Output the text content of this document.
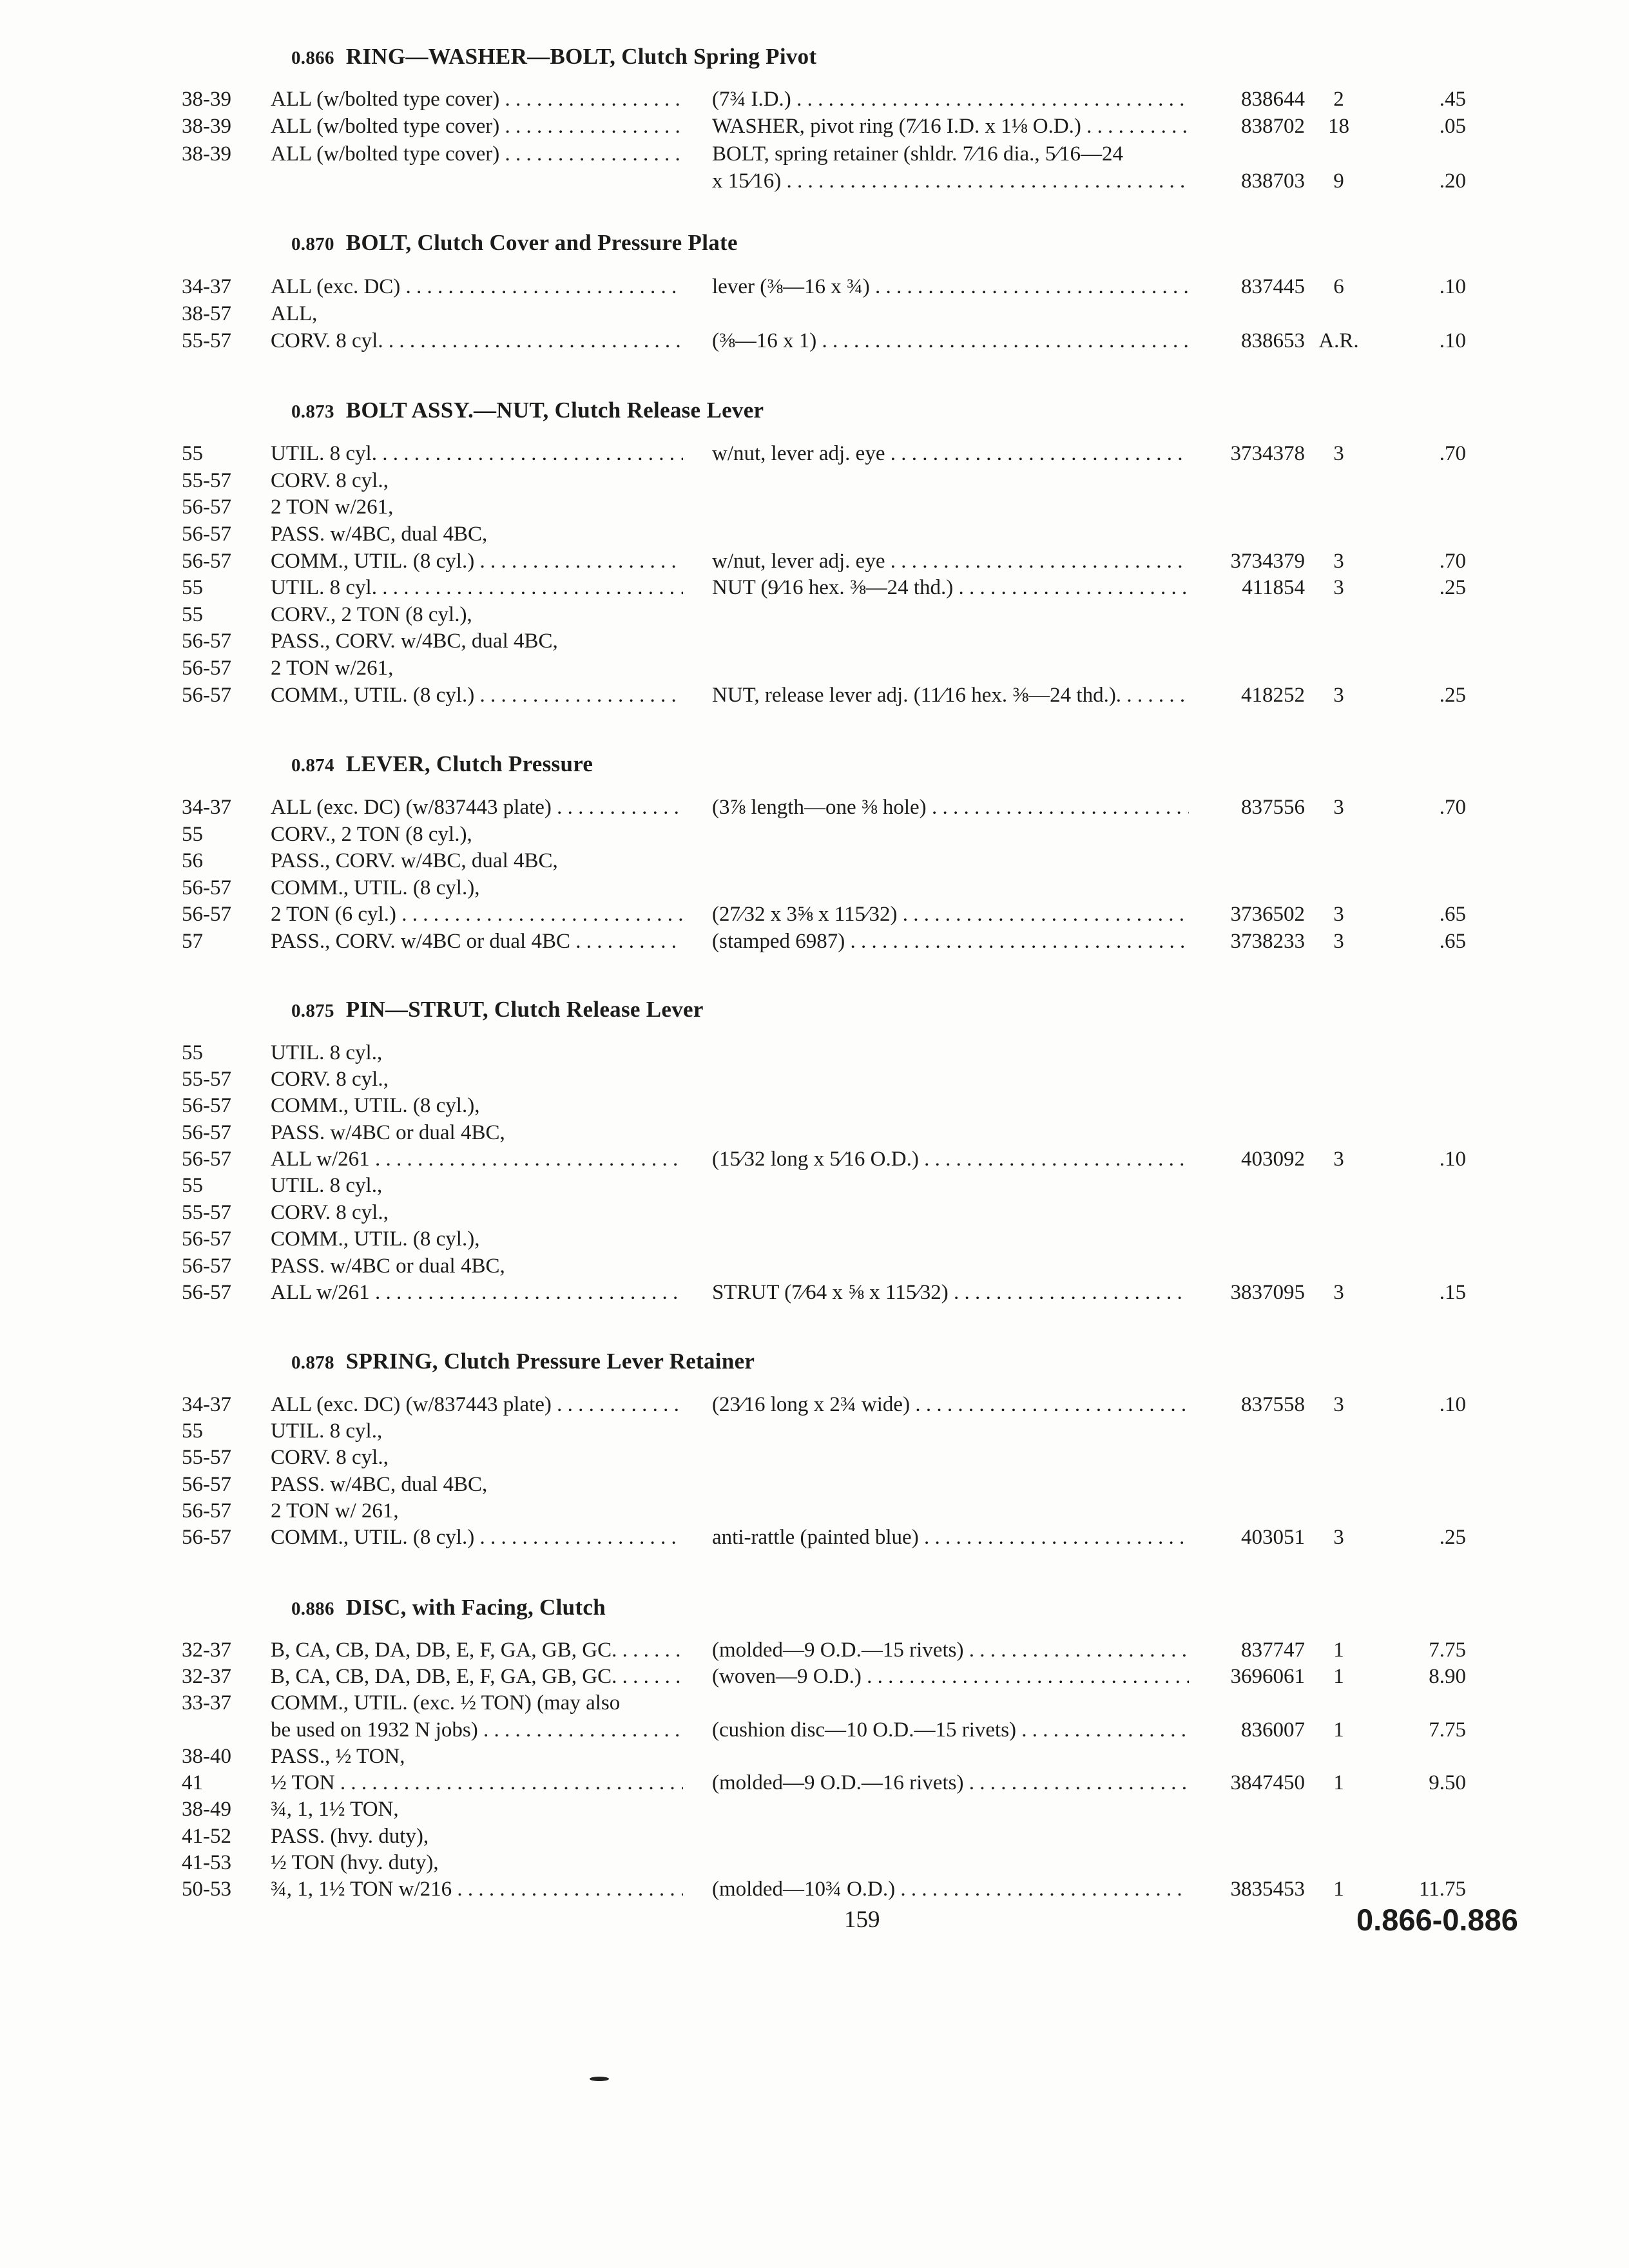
0.866 RING—WASHER—BOLT, Clutch Spring Pivot
38-39	ALL (w/bolted type cover) . . .	(7¾ I.D.) . . .	838644	2	.45
38-39	ALL (w/bolted type cover) . . .	WASHER, pivot ring (7⁄16 I.D. x 1⅛ O.D.) . . .	838702	18	.05
38-39	ALL (w/bolted type cover) . . .	BOLT, spring retainer (shldr. 7⁄16 dia., 5⁄16—24
x 15⁄16) . . .	838703	9	.20
0.870 BOLT, Clutch Cover and Pressure Plate
34-37	ALL (exc. DC) . . .	lever (⅜—16 x ¾) . . .	837445	6	.10
38-57	ALL,
55-57	CORV. 8 cyl. . . .	(⅜—16 x 1) . . .	838653 A.R.	.10
0.873 BOLT ASSY.—NUT, Clutch Release Lever
55	UTIL. 8 cyl. . . .	w/nut, lever adj. eye . . .	3734378	3	.70
55-57	CORV. 8 cyl.,
56-57	2 TON w/261,
56-57	PASS. w/4BC, dual 4BC,
56-57	COMM., UTIL. (8 cyl.) . . .	w/nut, lever adj. eye . . .	3734379	3	.70
55	UTIL. 8 cyl. . . .	NUT (9⁄16 hex. ⅜—24 thd.) . . .	411854	3	.25
55	CORV., 2 TON (8 cyl.),
56-57	PASS., CORV. w/4BC, dual 4BC,
56-57	2 TON w/261,
56-57	COMM., UTIL. (8 cyl.) . . .	NUT, release lever adj. (11⁄16 hex. ⅜—24 thd.). . . .	418252	3	.25
0.874 LEVER, Clutch Pressure
34-37	ALL (exc. DC) (w/837443 plate) . . .	(3⅞ length—one ⅜ hole) . . .	837556	3	.70
55	CORV., 2 TON (8 cyl.),
56	PASS., CORV. w/4BC, dual 4BC,
56-57	COMM., UTIL. (8 cyl.),
56-57	2 TON (6 cyl.) . . .	(27⁄32 x 3⅝ x 115⁄32) . . .	3736502	3	.65
57	PASS., CORV. w/4BC or dual 4BC . . .	(stamped 6987) . . .	3738233	3	.65
0.875 PIN—STRUT, Clutch Release Lever
55	UTIL. 8 cyl.,
55-57	CORV. 8 cyl.,
56-57	COMM., UTIL. (8 cyl.),
56-57	PASS. w/4BC or dual 4BC,
56-57	ALL w/261 . . .	(15⁄32 long x 5⁄16 O.D.) . . .	403092	3	.10
55	UTIL. 8 cyl.,
55-57	CORV. 8 cyl.,
56-57	COMM., UTIL. (8 cyl.),
56-57	PASS. w/4BC or dual 4BC,
56-57	ALL w/261 . . .	STRUT (7⁄64 x ⅝ x 115⁄32) . . .	3837095	3	.15
0.878 SPRING, Clutch Pressure Lever Retainer
34-37	ALL (exc. DC) (w/837443 plate) . . .	(23⁄16 long x 2¾ wide) . . .	837558	3	.10
55	UTIL. 8 cyl.,
55-57	CORV. 8 cyl.,
56-57	PASS. w/4BC, dual 4BC,
56-57	2 TON w/ 261,
56-57	COMM., UTIL. (8 cyl.) . . .	anti-rattle (painted blue) . . .	403051	3	.25
0.886 DISC, with Facing, Clutch
32-37	B, CA, CB, DA, DB, E, F, GA, GB, GC. . . . .	(molded—9 O.D.—15 rivets) . . .	837747	1	7.75
32-37	B, CA, CB, DA, DB, E, F, GA, GB, GC. . . . .	(woven—9 O.D.) . . .	3696061	1	8.90
33-37	COMM., UTIL. (exc. ½ TON) (may also
be used on 1932 N jobs) . . .	(cushion disc—10 O.D.—15 rivets) . . .	836007	1	7.75
38-40	PASS., ½ TON,
41	½ TON . . .	(molded—9 O.D.—16 rivets) . . .	3847450	1	9.50
38-49	¾, 1, 1½ TON,
41-52	PASS. (hvy. duty),
41-53	½ TON (hvy. duty),
50-53	¾, 1, 1½ TON w/216 . . .	(molded—10¾ O.D.) . . .	3835453	1	11.75
159	0.866-0.886
